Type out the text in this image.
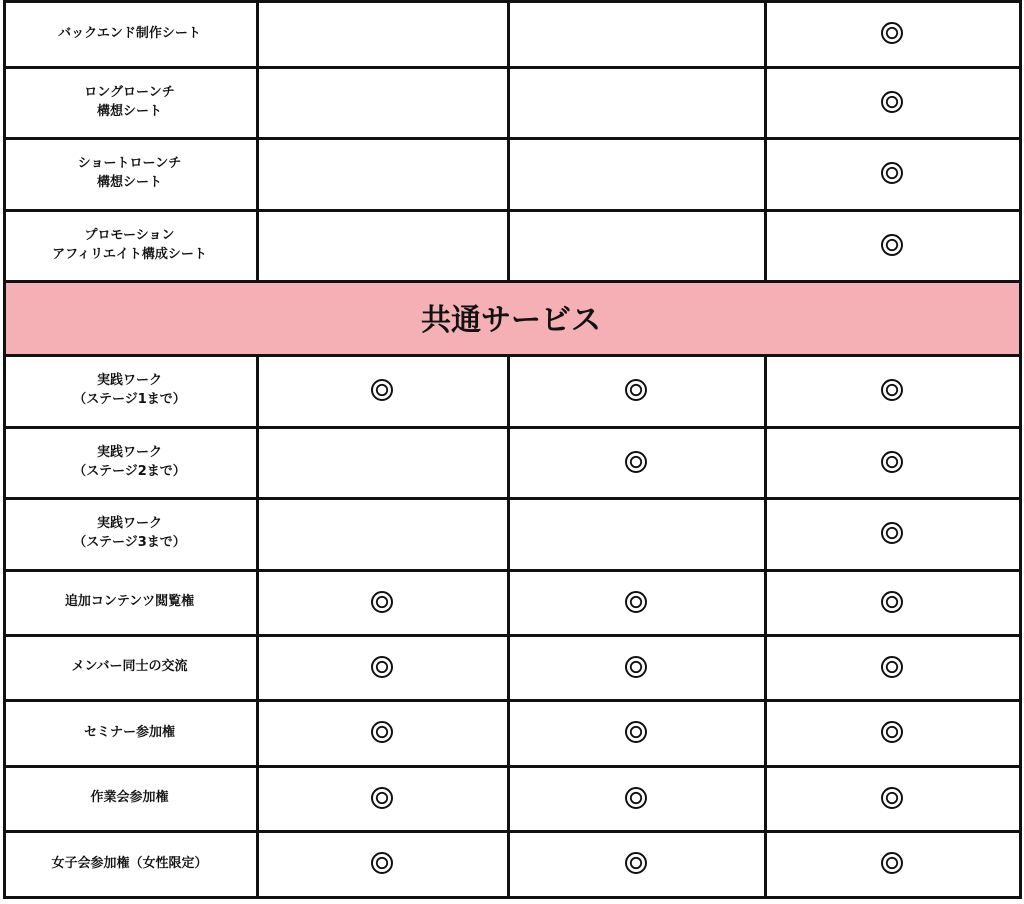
バックエンド制作シート
ロングローンチ
構想シート
ショートローンチ
構想シート
プロモーション
アフィリエイト構成シート
実践ワーク
（ステージ1まで）
実践ワーク
（ステージ2まで）
実践ワーク
（ステージ3まで）
追加コンテンツ閲覧権
メンバー同士の交流
セミナー参加権
作業会参加権
女子会参加権（女性限定）
共通サービス
